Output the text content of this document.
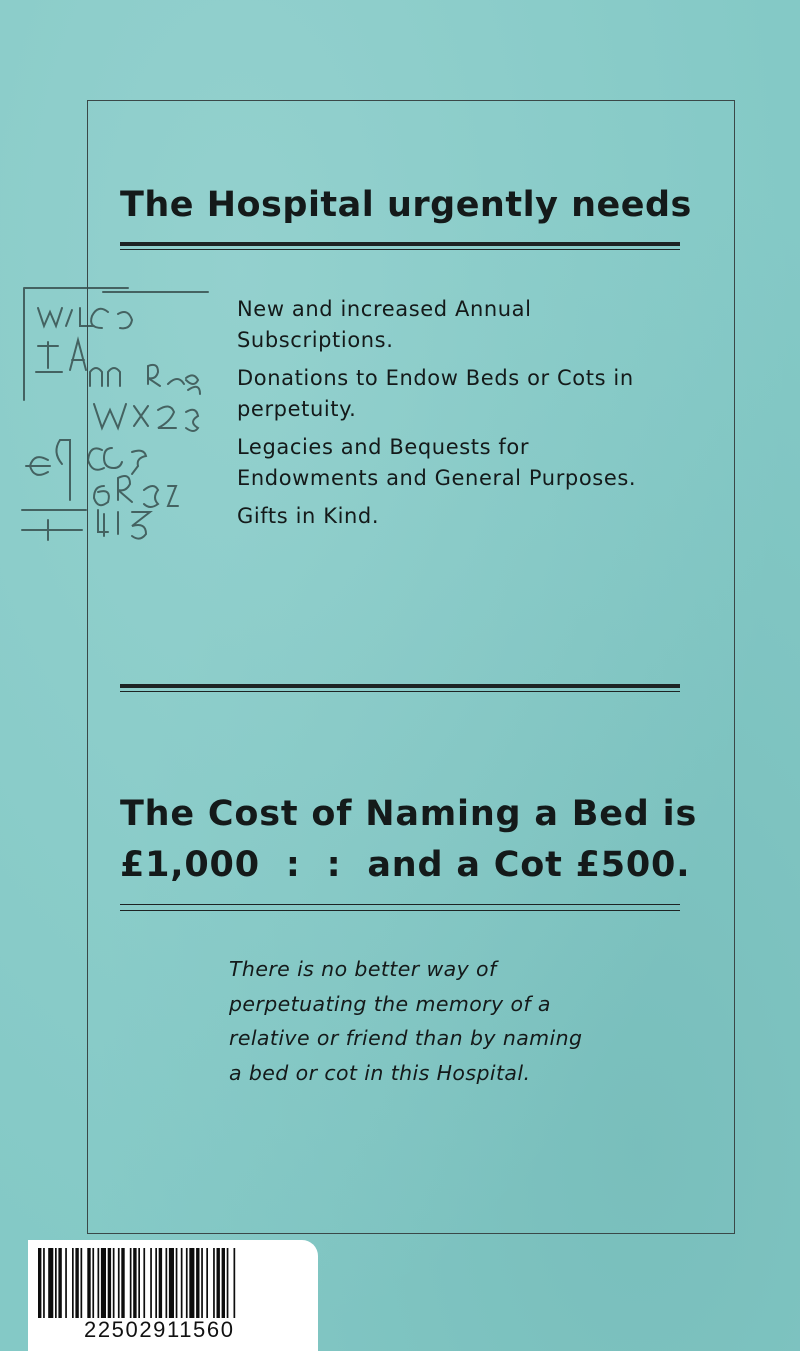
The Hospital urgently needs
New and increased Annual Subscriptions.
Donations to Endow Beds or Cots in perpetuity.
Legacies and Bequests for Endowments and General Purposes.
Gifts in Kind.
The Cost of Naming a Bed is
£1,000  :  :  and a Cot £500.

There is no better way of perpetuating the memory of a relative or friend than by naming a bed or cot in this Hospital.

22502911560
